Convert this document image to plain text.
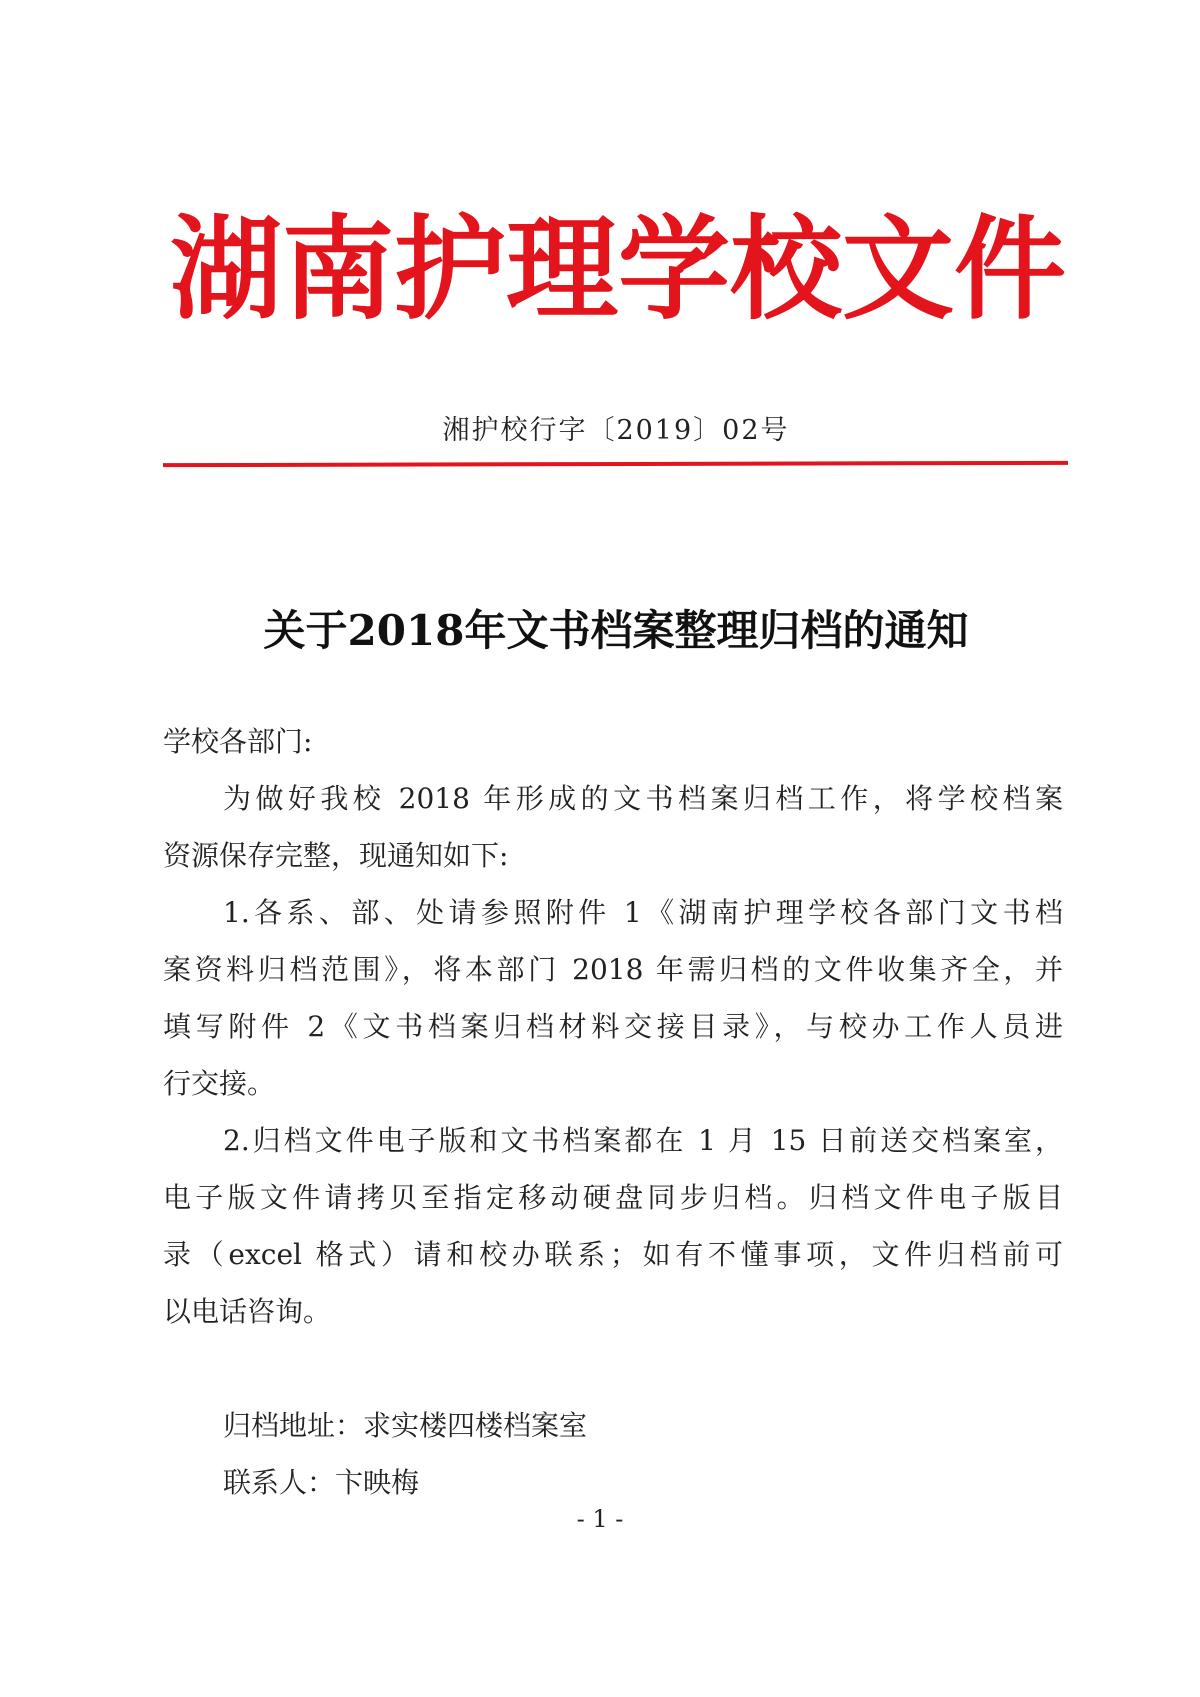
湖 南 护 理 学 校 文 件
湘护校行字〔2019〕02号
关于2018年文书档案整理归档的通知
学校各部门:
为做好我校 2018 年形成的文书档案归档工作，将学校档案
资源保存完整，现通知如下:
1.各系、部、处请参照附件 1《湖南护理学校各部门文书档
案资料归档范围》，将本部门 2018 年需归档的文件收集齐全，并
填写附件 2《文书档案归档材料交接目录》，与校办工作人员进
行交接。
2.归档文件电子版和文书档案都在 1 月 15 日前送交档案室，
电子版文件请拷贝至指定移动硬盘同步归档。归档文件电子版目
录（excel 格式）请和校办联系；如有不懂事项，文件归档前可
以电话咨询。
归档地址：求实楼四楼档案室
联系人：卞映梅
- 1 -
